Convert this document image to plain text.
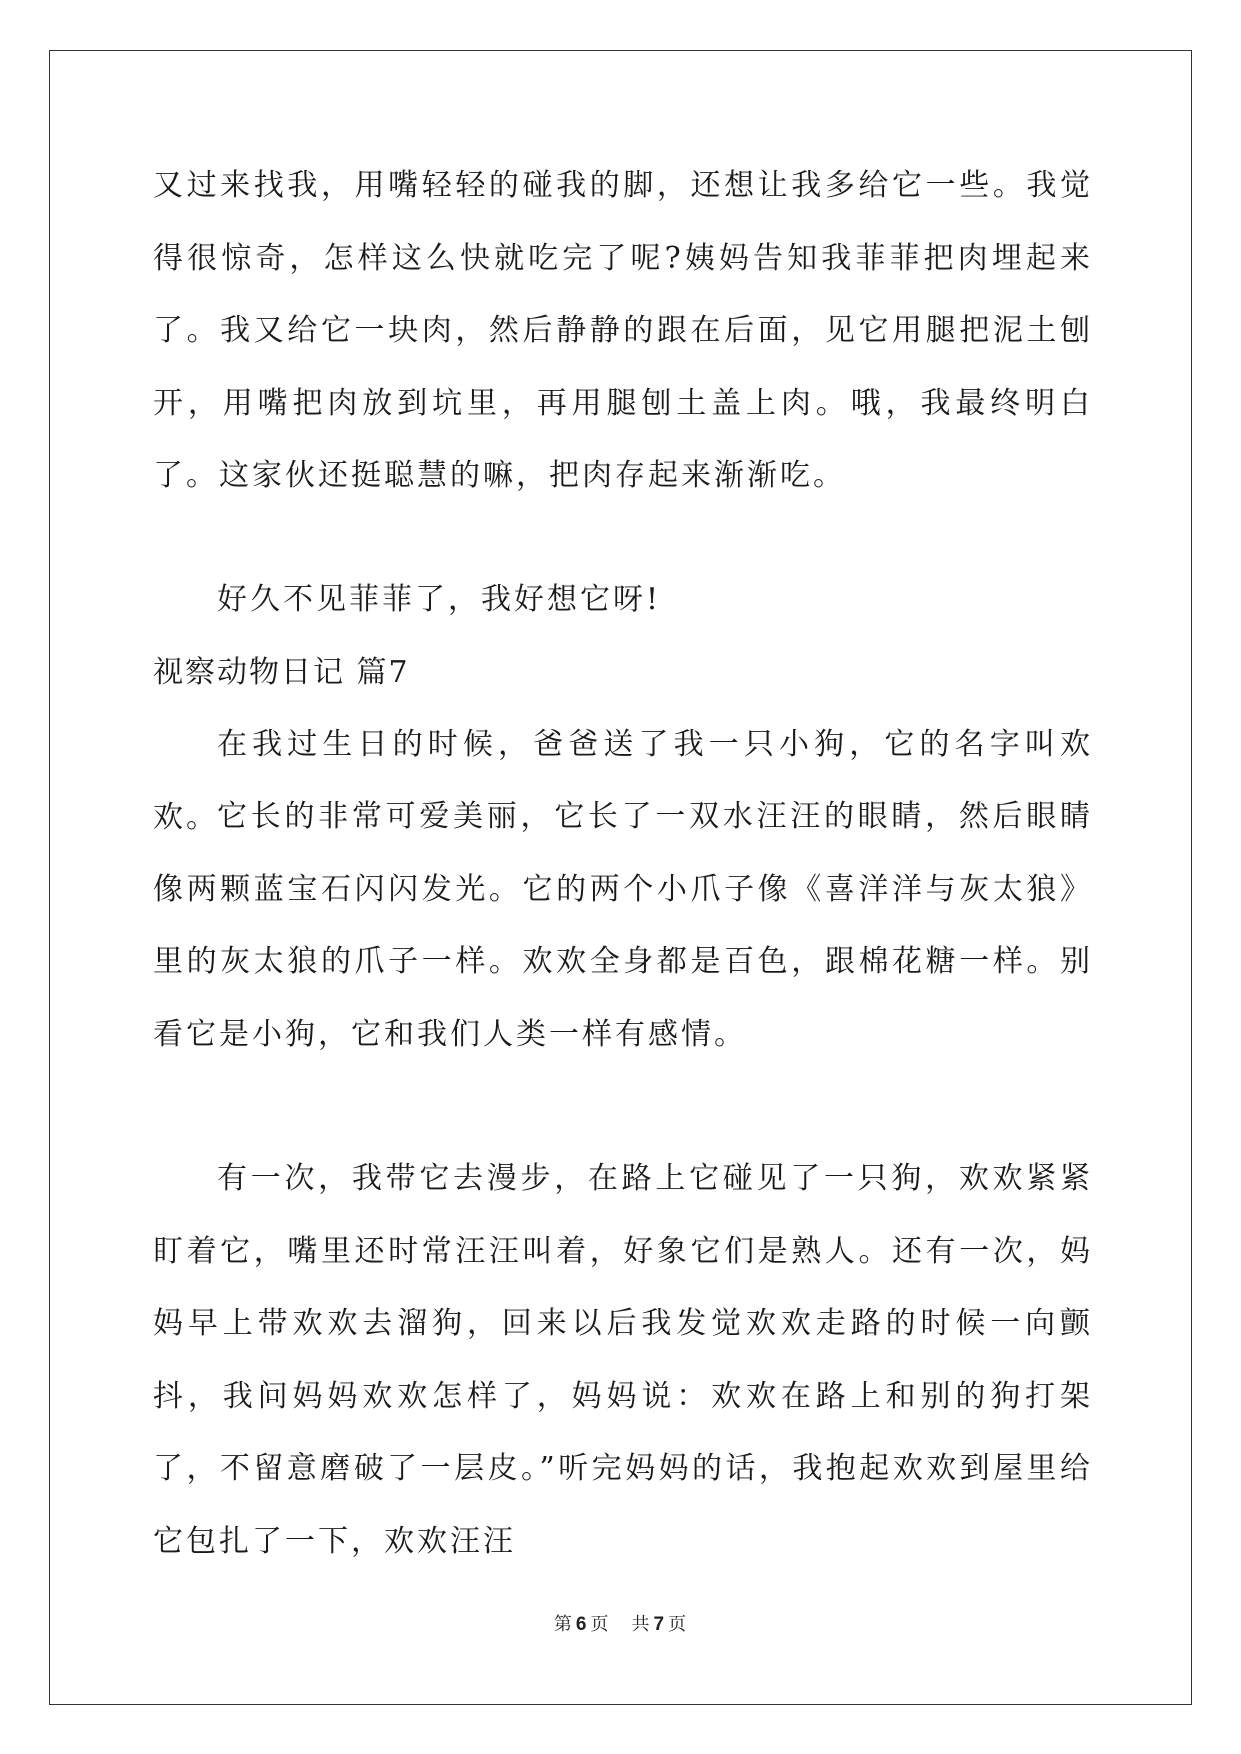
又过来找我，用嘴轻轻的碰我的脚，还想让我多给它一些。我觉得很惊奇，怎样这么快就吃完了呢?姨妈告知我菲菲把肉埋起来了。我又给它一块肉，然后静静的跟在后面，见它用腿把泥土刨开，用嘴把肉放到坑里，再用腿刨土盖上肉。哦，我最终明白了。这家伙还挺聪慧的嘛，把肉存起来渐渐吃。

好久不见菲菲了，我好想它呀!

视察动物日记 篇7

在我过生日的时候，爸爸送了我一只小狗，它的名字叫欢欢。

它长的非常可爱美丽，它长了一双水汪汪的眼睛，然后眼睛像两颗蓝宝石闪闪发光。它的两个小爪子像《喜洋洋与灰太狼》里的灰太狼的爪子一样。欢欢全身都是百色，跟棉花糖一样。别看它是小狗，它和我们人类一样有感情。

有一次，我带它去漫步，在路上它碰见了一只狗，欢欢紧紧盯着它，嘴里还时常汪汪叫着，好象它们是熟人。还有一次，妈妈早上带欢欢去溜狗，回来以后我发觉欢欢走路的时候一向颤抖，我问妈妈欢欢怎样了，妈妈说：欢欢在路上和别的狗打架了，不留意磨破了一层皮。”听完妈妈的话，我抱起欢欢到屋里给它包扎了一下，欢欢汪汪

第 6 页 共 7 页
